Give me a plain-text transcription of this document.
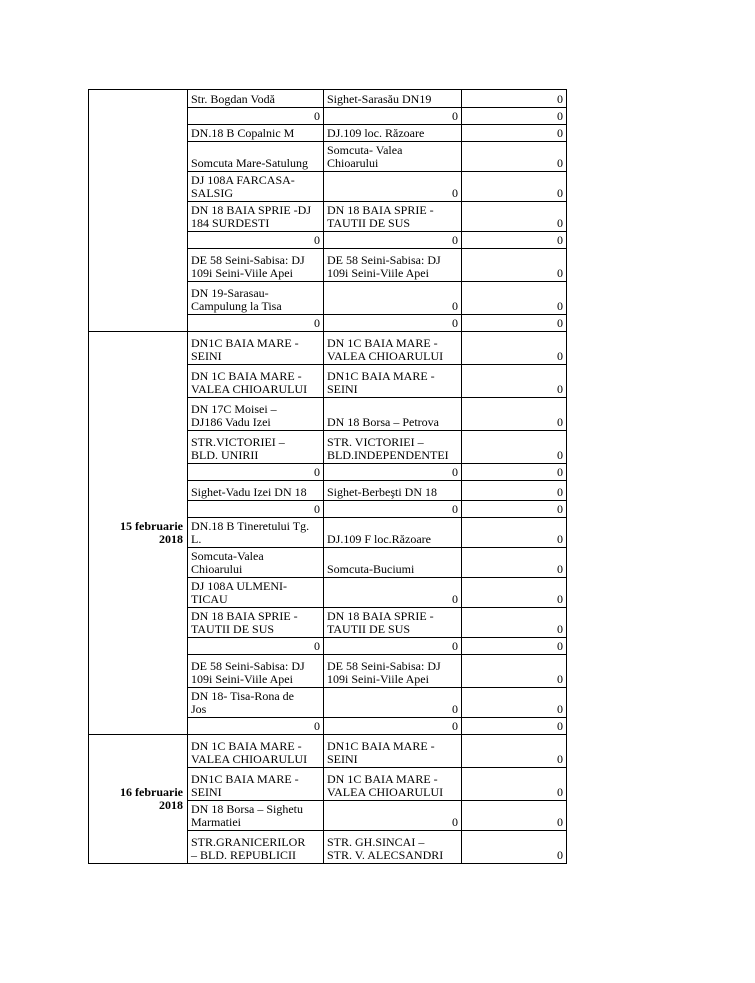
	Str. Bogdan Vodă	Sighet-Sarasău DN19	0

	0	0	0

	DN.18 B Copalnic M	DJ.109 loc. Răzoare	0

	Somcuta Mare-Satulung	Somcuta- Valea
Chioarului	0

	DJ 108A FARCASA-
SALSIG	0	0

	DN 18 BAIA SPRIE -DJ
184 SURDESTI	DN 18 BAIA SPRIE -
TAUTII DE SUS	0

	0	0	0

	DE 58 Seini-Sabisa: DJ
109i Seini-Viile Apei	DE 58 Seini-Sabisa: DJ
109i Seini-Viile Apei	0

	DN 19-Sarasau-
Campulung la Tisa	0	0

	0	0	0

15 februarie
2018	DN1C BAIA MARE -
SEINI	DN 1C BAIA MARE -
VALEA CHIOARULUI	0

	DN 1C BAIA MARE -
VALEA CHIOARULUI	DN1C BAIA MARE -
SEINI	0

	DN 17C Moisei –
DJ186 Vadu Izei	DN 18 Borsa – Petrova	0

	STR.VICTORIEI –
BLD. UNIRII	STR. VICTORIEI –
BLD.INDEPENDENTEI	0

	0	0	0

	Sighet-Vadu Izei DN 18	Sighet-Berbeşti DN 18	0

	0	0	0

	DN.18 B Tineretului Tg.
L.	DJ.109 F loc.Răzoare	0

	Somcuta-Valea
Chioarului	Somcuta-Buciumi	0

	DJ 108A ULMENI-
TICAU	0	0

	DN 18 BAIA SPRIE -
TAUTII DE SUS	DN 18 BAIA SPRIE -
TAUTII DE SUS	0

	0	0	0

	DE 58 Seini-Sabisa: DJ
109i Seini-Viile Apei	DE 58 Seini-Sabisa: DJ
109i Seini-Viile Apei	0

	DN 18- Tisa-Rona de
Jos	0	0

	0	0	0

16 februarie
2018	DN 1C BAIA MARE -
VALEA CHIOARULUI	DN1C BAIA MARE -
SEINI	0

	DN1C BAIA MARE -
SEINI	DN 1C BAIA MARE -
VALEA CHIOARULUI	0

	DN 18 Borsa – Sighetu
Marmatiei	0	0

	STR.GRANICERILOR
– BLD. REPUBLICII	STR. GH.SINCAI –
STR. V. ALECSANDRI	0
